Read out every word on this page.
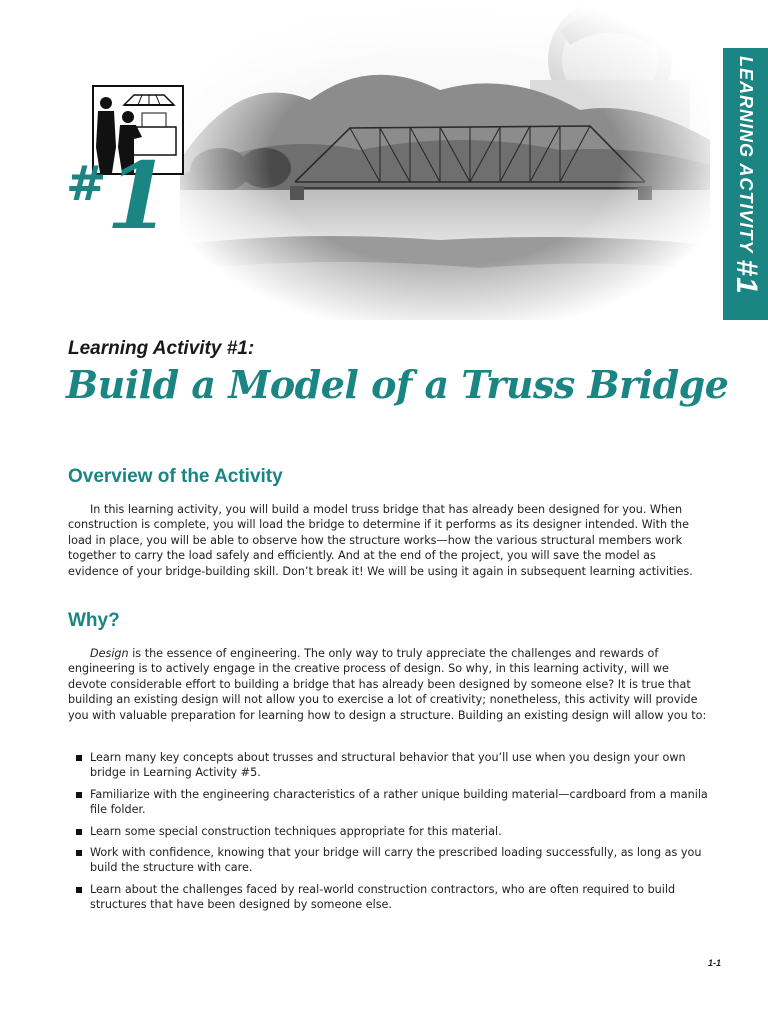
#1	LEARNING ACTIVITY #1
Learning Activity #1:
Build a Model of a Truss Bridge
Overview of the Activity

In this learning activity, you will build a model truss bridge that has already been designed for you. When construction is complete, you will load the bridge to determine if it performs as its designer intended. With the load in place, you will be able to observe how the structure works—how the various structural members work together to carry the load safely and efficiently. And at the end of the project, you will save the model as evidence of your bridge-building skill. Don’t break it! We will be using it again in subsequent learning activities.

Why?

Design is the essence of engineering. The only way to truly appreciate the challenges and rewards of engineering is to actively engage in the creative process of design. So why, in this learning activity, will we devote considerable effort to building a bridge that has already been designed by someone else? It is true that building an existing design will not allow you to exercise a lot of creativity; nonetheless, this activity will provide you with valuable preparation for learning how to design a structure. Building an existing design will allow you to:

Learn many key concepts about trusses and structural behavior that you’ll use when you design your own bridge in Learning Activity #5.
Familiarize with the engineering characteristics of a rather unique building material—cardboard from a manila file folder.
Learn some special construction techniques appropriate for this material.
Work with confidence, knowing that your bridge will carry the prescribed loading successfully, as long as you build the structure with care.
Learn about the challenges faced by real-world construction contractors, who are often required to build structures that have been designed by someone else.
1-1
